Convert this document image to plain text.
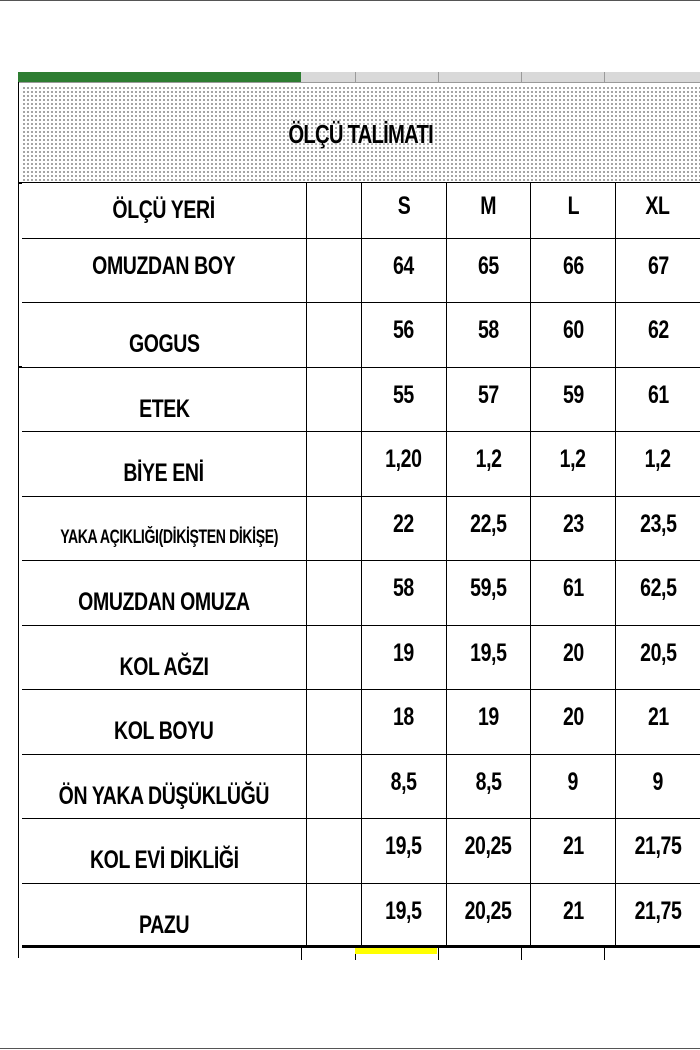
ÖLÇÜ TALİMATI
ÖLÇÜ YERİ		S	M	L	XL
OMUZDAN BOY		64	65	66	67
GOGUS		56	58	60	62
ETEK		55	57	59	61
BİYE ENİ		1,20	1,2	1,2	1,2
YAKA AÇIKLIĞI(DİKİŞTEN DİKİŞE)		22	22,5	23	23,5
OMUZDAN OMUZA		58	59,5	61	62,5
KOL AĞZI		19	19,5	20	20,5
KOL BOYU		18	19	20	21
ÖN YAKA DÜŞÜKLÜĞÜ		8,5	8,5	9	9
KOL EVİ DİKLİĞİ		19,5	20,25	21	21,75
PAZU		19,5	20,25	21	21,75
